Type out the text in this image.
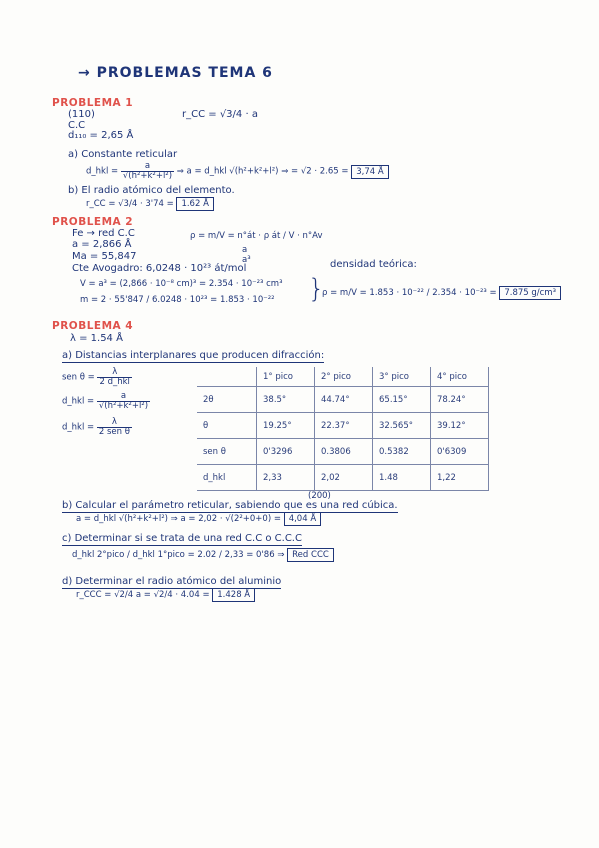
→ PROBLEMAS TEMA 6
PROBLEMA 1
(110)
C.C
d₁₁₀ = 2,65 Å
r_CC = √3/4 · a
a) Constante reticular
d_hkl = $\frac{a}{\text{√(h²+k²+l²)}}$ ⇒ a = d_hkl √(h²+k²+l²) ⇒ = √2 · 2.65 = 3,74 Å
b) El radio atómico del elemento.
r_CC = √3/4 · 3'74 = 1.62 Å
PROBLEMA 2
Fe → red C.C
a = 2,866 Å
Ma = 55,847
Cte Avogadro: 6,0248 · 10²³ át/mol
ρ = m/V = n°át · ρ át / V · n°Av
a
a³	densidad teórica:
V = a³ = (2,866 · 10⁻⁸ cm)³ = 2.354 · 10⁻²³ cm³
m = 2 · 55'847 / 6.0248 · 10²³ = 1.853 · 10⁻²² }
ρ = m/V = 1.853 · 10⁻²² / 2.354 · 10⁻²³ = 7.875 g/cm³
PROBLEMA 4
λ = 1.54 Å
a) Distancias interplanares que producen difracción:
sen $\theta = \frac{\lambda}{\text{2 d\_hkl}}$
d_hkl = $\frac{a}{\text{√(h²+k²+l²)}}$
d_hkl = $\frac{\lambda}{\text{2 sen θ}}$
	1° pico	2° pico	3° pico	4° pico
2θ	38.5°	44.74°	65.15°	78.24°
θ	19.25°	22.37°	32.565°	39.12°
sen θ	0'3296	0.3806	0.5382	0'6309
d_hkl	2,33	2,02	1.48	1,22
(200)
b) Calcular el parámetro reticular, sabiendo que es una red cúbica.
a = d_hkl √(h²+k²+l²) ⇒ a = 2,02 · √(2²+0+0) = 4,04 Å
c) Determinar si se trata de una red C.C o C.C.C
d_hkl 2°pico / d_hkl 1°pico = 2.02 / 2,33 = 0'86 ⇒ Red CCC
d) Determinar el radio atómico del aluminio
r_CCC = √2/4 a = √2/4 · 4.04 = 1.428 Å
